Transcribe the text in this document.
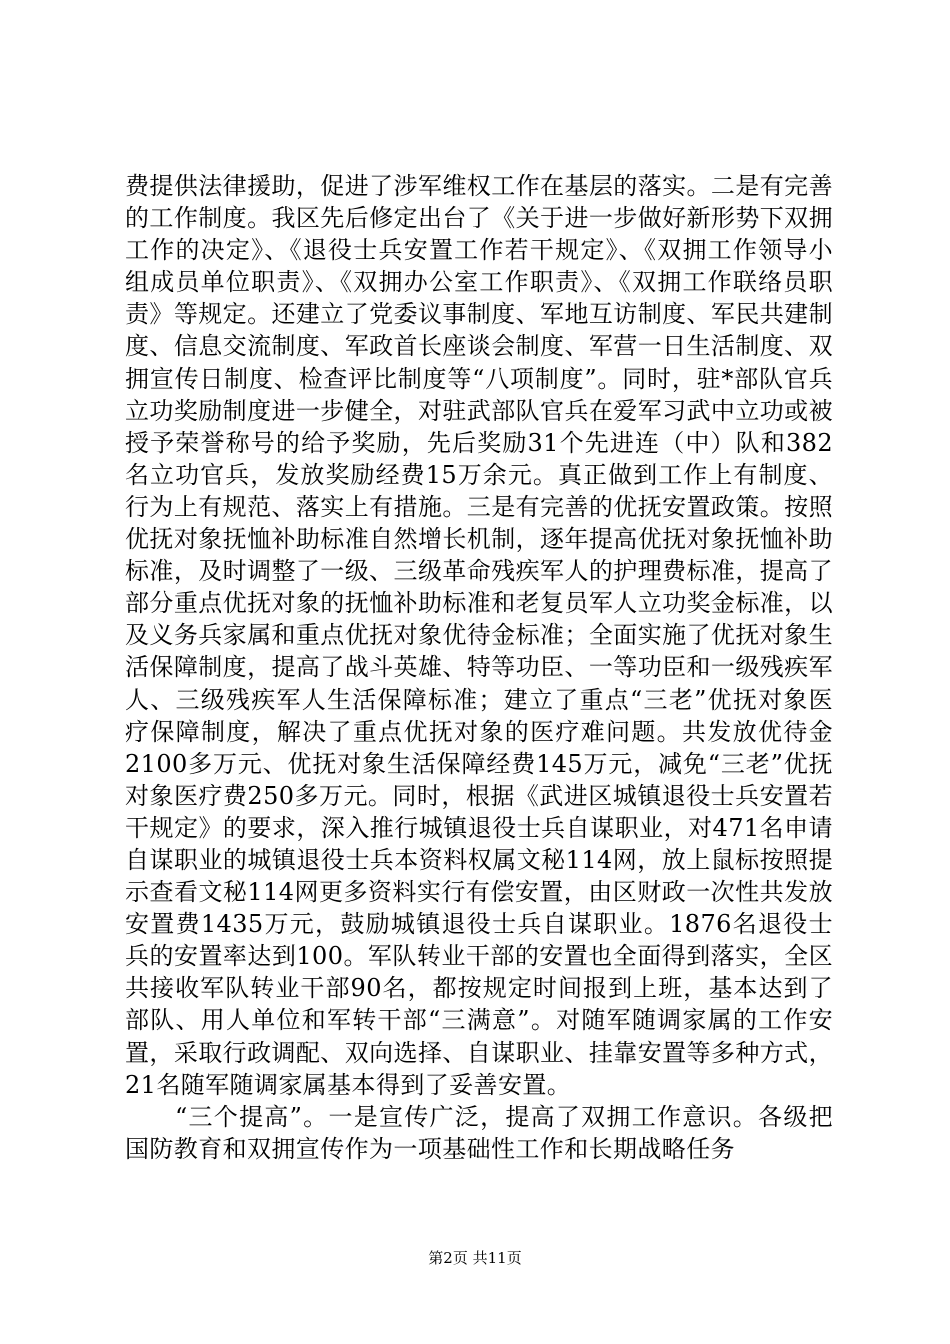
费提供法律援助，促进了涉军维权工作在基层的落实。二是有完善的工作制度。我区先后修定出台了《关于进一步做好新形势下双拥工作的决定》、《退役士兵安置工作若干规定》、《双拥工作领导小组成员单位职责》、《双拥办公室工作职责》、《双拥工作联络员职责》等规定。还建立了党委议事制度、军地互访制度、军民共建制度、信息交流制度、军政首长座谈会制度、军营一日生活制度、双拥宣传日制度、检查评比制度等“八项制度”。同时，驻*部队官兵立功奖励制度进一步健全，对驻武部队官兵在爱军习武中立功或被授予荣誉称号的给予奖励，先后奖励31个先进连（中）队和382名立功官兵，发放奖励经费15万余元。真正做到工作上有制度、行为上有规范、落实上有措施。三是有完善的优抚安置政策。按照优抚对象抚恤补助标准自然增长机制，逐年提高优抚对象抚恤补助标准，及时调整了一级、三级革命残疾军人的护理费标准，提高了部分重点优抚对象的抚恤补助标准和老复员军人立功奖金标准，以及义务兵家属和重点优抚对象优待金标准；全面实施了优抚对象生活保障制度，提高了战斗英雄、特等功臣、一等功臣和一级残疾军人、三级残疾军人生活保障标准；建立了重点“三老”优抚对象医疗保障制度，解决了重点优抚对象的医疗难问题。共发放优待金2100多万元、优抚对象生活保障经费145万元，减免“三老”优抚对象医疗费250多万元。同时，根据《武进区城镇退役士兵安置若干规定》的要求，深入推行城镇退役士兵自谋职业，对471名申请自谋职业的城镇退役士兵本资料权属文秘114网，放上鼠标按照提示查看文秘114网更多资料实行有偿安置，由区财政一次性共发放安置费1435万元，鼓励城镇退役士兵自谋职业。1876名退役士兵的安置率达到100。军队转业干部的安置也全面得到落实，全区共接收军队转业干部90名，都按规定时间报到上班，基本达到了部队、用人单位和军转干部“三满意”。对随军随调家属的工作安置，采取行政调配、双向选择、自谋职业、挂靠安置等多种方式，21名随军随调家属基本得到了妥善安置。

“三个提高”。一是宣传广泛，提高了双拥工作意识。各级把国防教育和双拥宣传作为一项基础性工作和长期战略任务

第2页 共11页
